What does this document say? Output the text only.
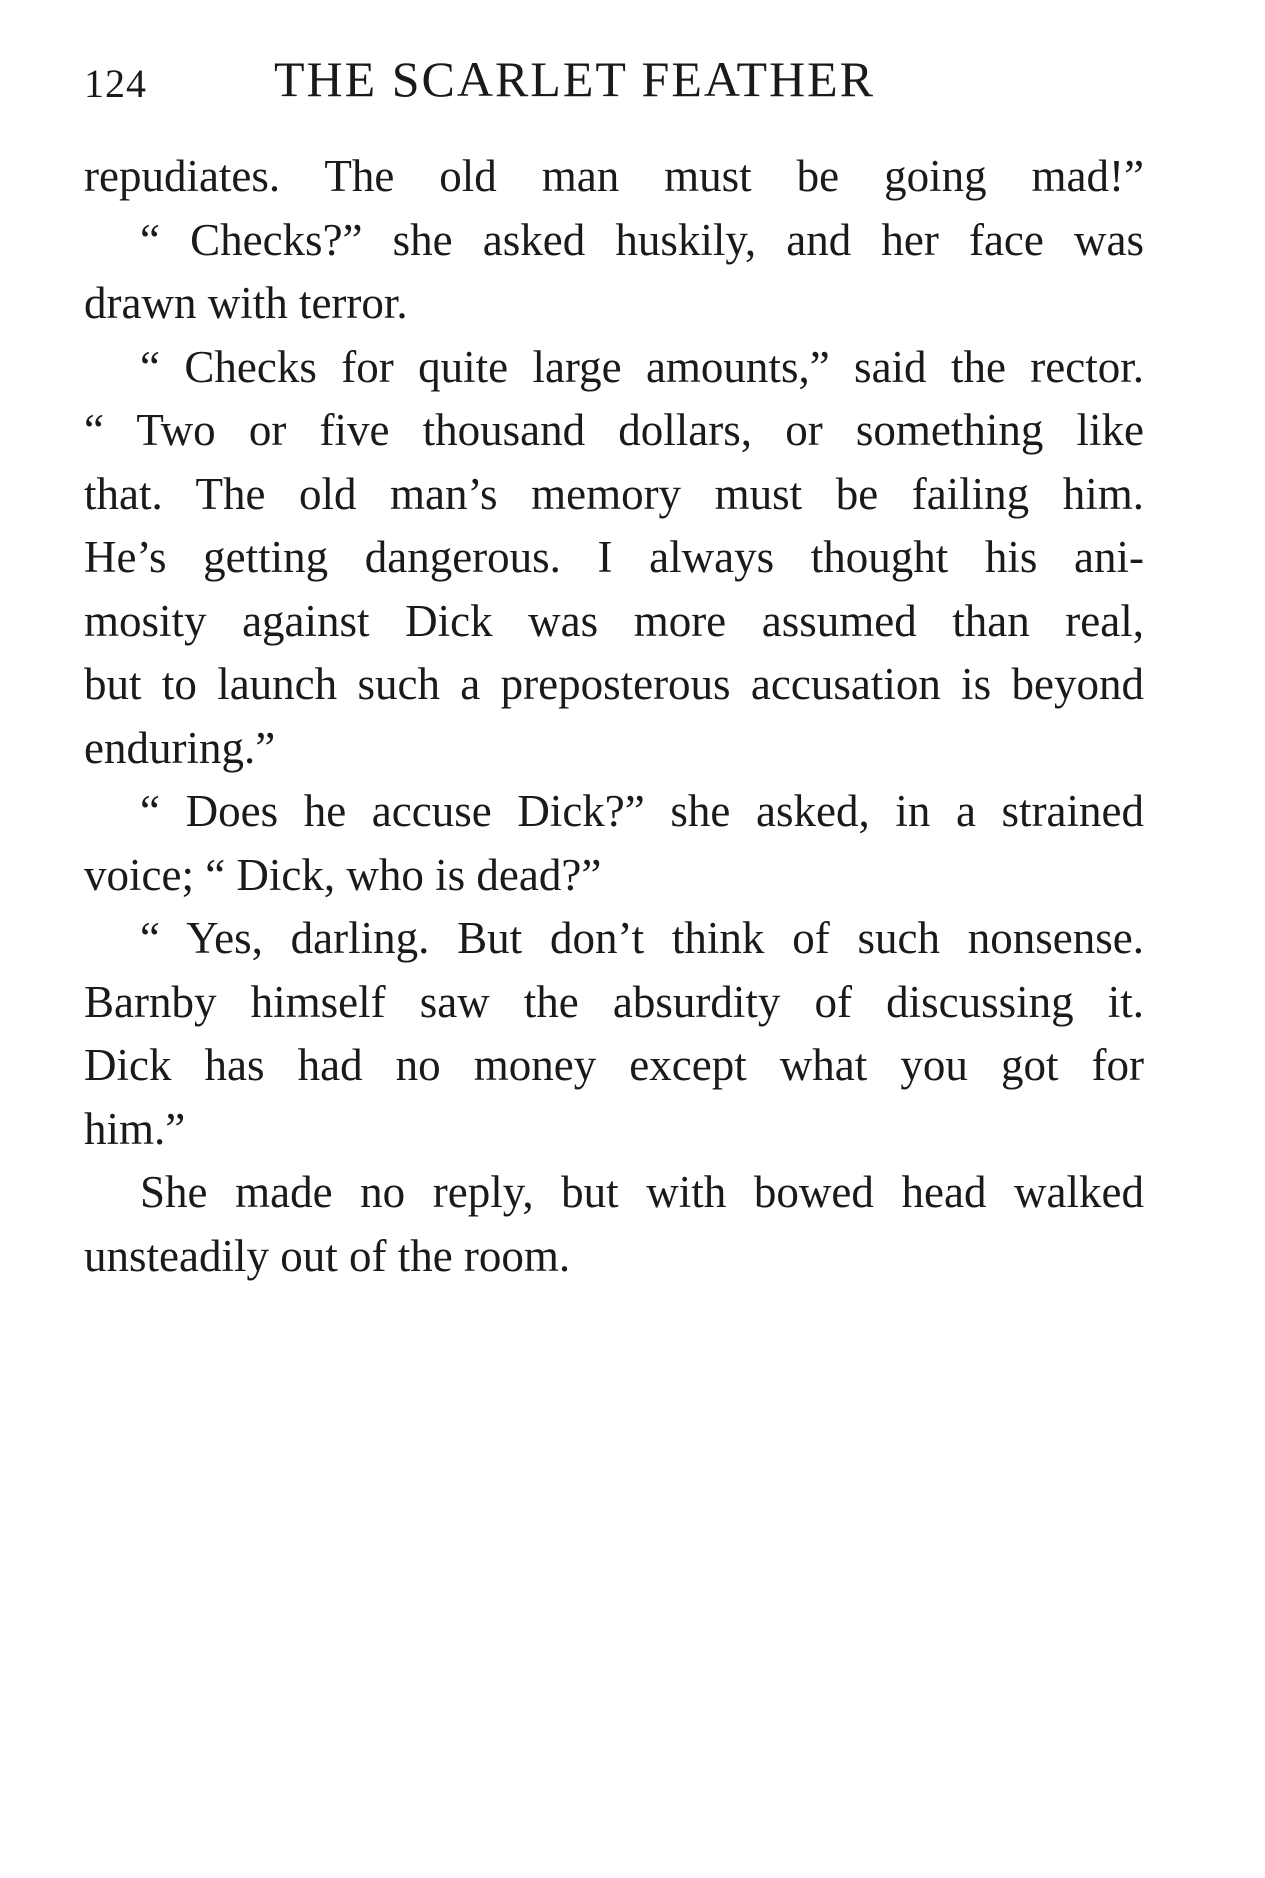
124	THE SCARLET FEATHER
repudiates. The old man must be going mad!”
“ Checks?” she asked huskily, and her face was
drawn with terror.
“ Checks for quite large amounts,” said the rector.
“ Two or five thousand dollars, or something like
that. The old man’s memory must be failing him.
He’s getting dangerous. I always thought his ani-
mosity against Dick was more assumed than real,
but to launch such a preposterous accusation is beyond
enduring.”
“ Does he accuse Dick?” she asked, in a strained
voice; “ Dick, who is dead?”
“ Yes, darling. But don’t think of such nonsense.
Barnby himself saw the absurdity of discussing it.
Dick has had no money except what you got for
him.”
She made no reply, but with bowed head walked
unsteadily out of the room.
